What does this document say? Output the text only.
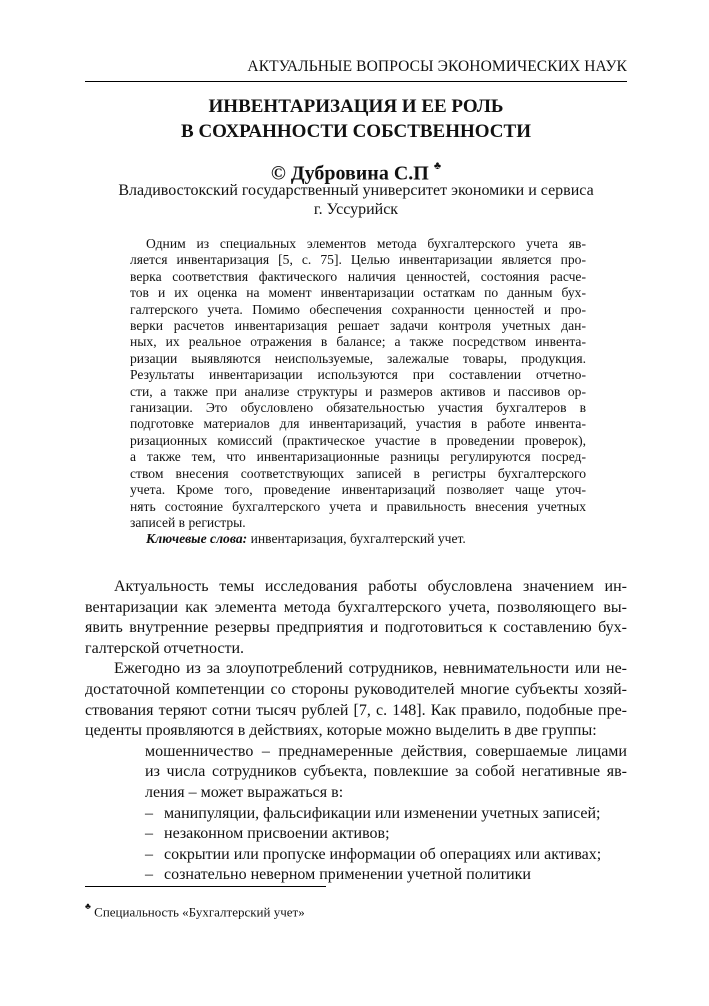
АКТУАЛЬНЫЕ ВОПРОСЫ ЭКОНОМИЧЕСКИХ НАУК
ИНВЕНТАРИЗАЦИЯ И ЕЕ РОЛЬ
В СОХРАННОСТИ СОБСТВЕННОСТИ
© Дубровина С.П ♣
Владивостокский государственный университет экономики и сервиса
г. Уссурийск
Одним из специальных элементов метода бухгалтерского учета яв-
ляется инвентаризация [5, с. 75]. Целью инвентаризации является про-
верка соответствия фактического наличия ценностей, состояния расче-
тов и их оценка на момент инвентаризации остаткам по данным бух-
галтерского учета. Помимо обеспечения сохранности ценностей и про-
верки расчетов инвентаризация решает задачи контроля учетных дан-
ных, их реальное отражения в балансе; а также посредством инвента-
ризации выявляются неиспользуемые, залежалые товары, продукция.
Результаты инвентаризации используются при составлении отчетно-
сти, а также при анализе структуры и размеров активов и пассивов ор-
ганизации. Это обусловлено обязательностью участия бухгалтеров в
подготовке материалов для инвентаризаций, участия в работе инвента-
ризационных комиссий (практическое участие в проведении проверок),
а также тем, что инвентаризационные разницы регулируются посред-
ством внесения соответствующих записей в регистры бухгалтерского
учета. Кроме того, проведение инвентаризаций позволяет чаще уточ-
нять состояние бухгалтерского учета и правильность внесения учетных
записей в регистры.
Ключевые слова: инвентаризация, бухгалтерский учет.
Актуальность темы исследования работы обусловлена значением ин-
вентаризации как элемента метода бухгалтерского учета, позволяющего вы-
явить внутренние резервы предприятия и подготовиться к составлению бух-
галтерской отчетности.
Ежегодно из за злоупотреблений сотрудников, невнимательности или не-
достаточной компетенции со стороны руководителей многие субъекты хозяй-
ствования теряют сотни тысяч рублей [7, с. 148]. Как правило, подобные пре-
цеденты проявляются в действиях, которые можно выделить в две группы:
мошенничество – преднамеренные действия, совершаемые лицами
из числа сотрудников субъекта, повлекшие за собой негативные яв-
ления – может выражаться в:
– манипуляции, фальсификации или изменении учетных записей;
– незаконном присвоении активов;
– сокрытии или пропуске информации об операциях или активах;
– сознательно неверном применении учетной политики
♣ Специальность «Бухгалтерский учет»
